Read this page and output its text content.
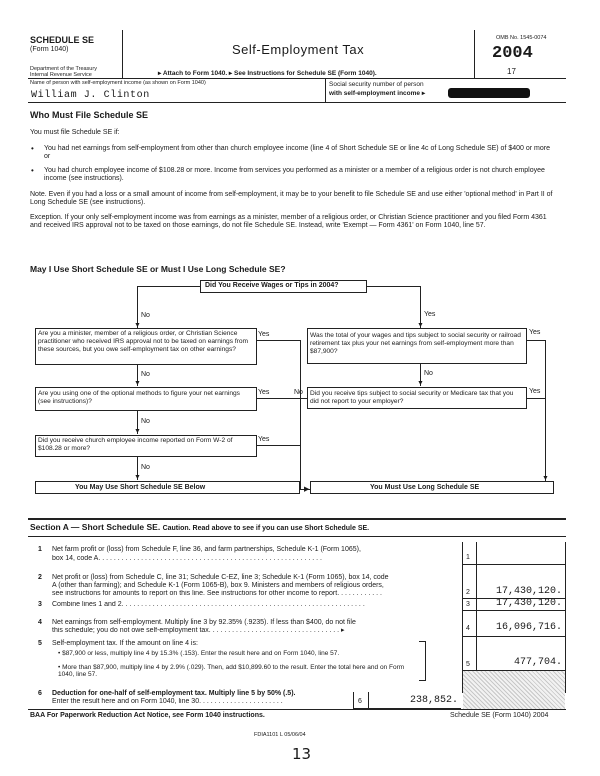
SCHEDULE SE
(Form 1040)
Department of the Treasury
Internal Revenue Service
Self-Employment Tax
▸ Attach to Form 1040. ▸ See Instructions for Schedule SE (Form 1040).
OMB No. 1545-0074
2004
17
Name of person with self-employment income (as shown on Form 1040)
William J. Clinton
Social security number of person
with self-employment income ▸
Who Must File Schedule SE
You must file Schedule SE if:
• You had net earnings from self-employment from other than church employee income (line 4 of Short Schedule SE or line 4c of Long Schedule SE) of $400 or more or

• You had church employee income of $108.28 or more. Income from services you performed as a minister or a member of a religious order is not church employee income (see instructions).

Note. Even if you had a loss or a small amount of income from self-employment, it may be to your benefit to file Schedule SE and use either 'optional method' in Part II of Long Schedule SE (see instructions).

Exception. If your only self-employment income was from earnings as a minister, member of a religious order, or Christian Science practitioner and you filed Form 4361 and received IRS approval not to be taxed on those earnings, do not file Schedule SE. Instead, write 'Exempt — Form 4361' on Form 1040, line 57.

May I Use Short Schedule SE or Must I Use Long Schedule SE?
Did You Receive Wages or Tips in 2004?
▼
No
▼
Yes

Are you a minister, member of a religious order, or Christian Science practitioner who received IRS approval not to be taxed on earnings from these sources, but you owe self-employment tax on other earnings?

Yes
▼
No

Are you using one of the optional methods to figure your net earnings (see instructions)?

Yes
▼
No

Did you receive church employee income reported on Form W-2 of $108.28 or more?

Yes
▼
No
▶
You May Use Short Schedule SE Below	You Must Use Long Schedule SE

Was the total of your wages and tips subject to social security or railroad retirement tax plus your net earnings from self-employment more than $87,900?

Yes
▼
No

Did you receive tips subject to social security or Medicare tax that you did not report to your employer?

Yes
No
▼
Section A — Short Schedule SE. Caution. Read above to see if you can use Short Schedule SE.
1 Net farm profit or (loss) from Schedule F, line 36, and farm partnerships, Schedule K-1 (Form 1065),
box 14, code A. . . . . . . . . . . . . . . . . . . . . . . . . . . . . . . . . . . . . . . . . . . . . . . . . . . . . . . . . .	1
2 Net profit or (loss) from Schedule C, line 31; Schedule C-EZ, line 3; Schedule K-1 (Form 1065), box 14, code
A (other than farming); and Schedule K-1 (Form 1065-B), box 9. Ministers and members of religious orders,
see instructions for amounts to report on this line. See instructions for other income to report. . . . . . . . . . . .	2	17,430,120.
3 Combine lines 1 and 2. . . . . . . . . . . . . . . . . . . . . . . . . . . . . . . . . . . . . . . . . . . . . . . . . . . . . . . . . . . . . . .	3	17,430,120.
4 Net earnings from self-employment. Multiply line 3 by 92.35% (.9235). If less than $400, do not file
this schedule; you do not owe self-employment tax. . . . . . . . . . . . . . . . . . . . . . . . . . . . . . . . . . ▸	4	16,096,716.
5 Self-employment tax. If the amount on line 4 is:
• $87,900 or less, multiply line 4 by 15.3% (.153). Enter the result here and on Form 1040, line 57.

• More than $87,900, multiply line 4 by 2.9% (.029). Then, add $10,899.60 to the result. Enter the total here and on Form 1040, line 57.

5	477,704.
6 Deduction for one-half of self-employment tax. Multiply line 5 by 50% (.5).
Enter the result here and on Form 1040, line 30. . . . . . . . . . . . . . . . . . . . . .	6	238,852.
BAA For Paperwork Reduction Act Notice, see Form 1040 instructions.	Schedule SE (Form 1040) 2004
FDIA1101 L 05/06/04
13
